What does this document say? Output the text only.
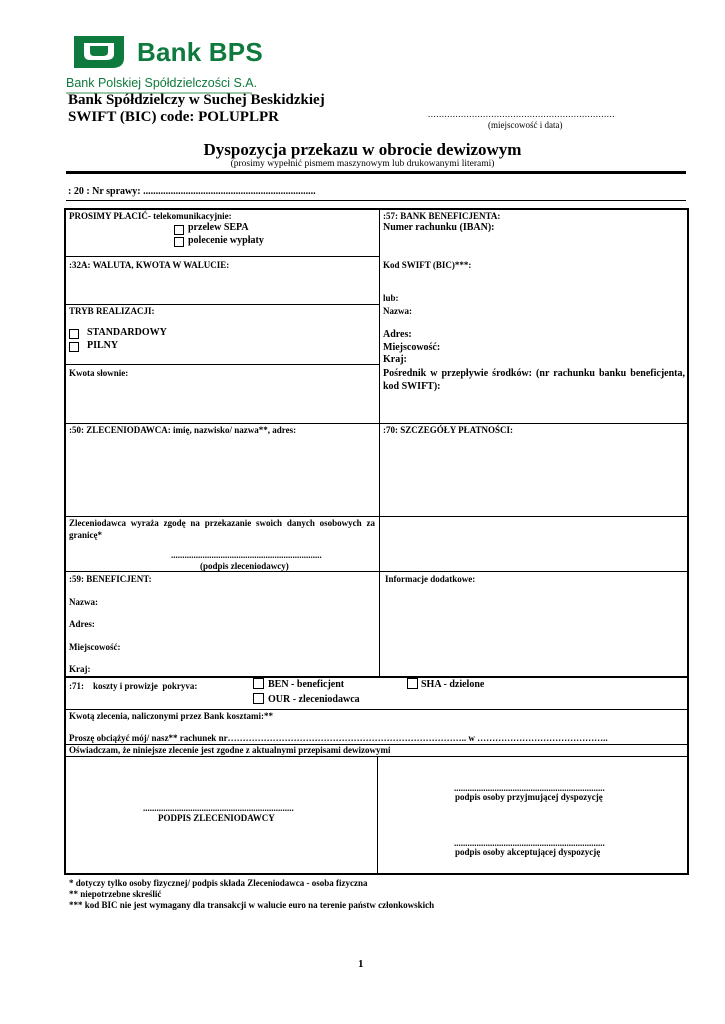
Bank BPS
Bank Polskiej Spółdzielczości S.A.
Bank Spółdzielczy w Suchej Beskidzkiej
SWIFT (BIC) code: POLUPLPR	....................................................................
(miejscowość i data)
Dyspozycja przekazu w obrocie dewizowym
(prosimy wypełnić pismem maszynowym lub drukowanymi literami)
: 20 : Nr sprawy: .....................................................................
PROSIMY PŁACIĆ- telekomunikacyjnie:
przelew SEPA
polecenie wypłaty
:32A: WALUTA, KWOTA W WALUCIE:
TRYB REALIZACJI:
STANDARDOWY
PILNY
Kwota słownie:
:50: ZLECENIODAWCA: imię, nazwisko/ nazwa**, adres:
Zleceniodawca wyraża zgodę na przekazanie swoich danych osobowych za granicę*
...................................................................
(podpis zleceniodawcy)
:59: BENEFICJENT:
Nazwa:
Adres:
Miejscowość:
Kraj:
:57: BANK BENEFICJENTA:
Numer rachunku (IBAN):
Kod SWIFT (BIC)***:
lub:
Nazwa:
Adres:
Miejscowość:
Kraj:
Pośrednik w przepływie środków: (nr rachunku banku beneficjenta, kod SWIFT):
:70: SZCZEGÓŁY PŁATNOŚCI:
Informacje dodatkowe:
:71:    koszty i prowizje  pokryva:	BEN - beneficjent
OUR - zleceniodawca
SHA - dzielone
Kwotą zlecenia, naliczonymi przez Bank kosztami:**
Proszę obciążyć mój/ nasz** rachunek nr…………………………………………………………………….. w ……………………………………..
Oświadczam, że niniejsze zlecenie jest zgodne z aktualnymi przepisami dewizowymi
...................................................................
PODPIS ZLECENIODAWCY
...................................................................
podpis osoby przyjmującej dyspozycję
...................................................................
podpis osoby akceptującej dyspozycję
* dotyczy tylko osoby fizycznej/ podpis składa Zleceniodawca - osoba fizyczna
** niepotrzebne skreślić
*** kod BIC nie jest wymagany dla transakcji w walucie euro na terenie państw członkowskich
1
